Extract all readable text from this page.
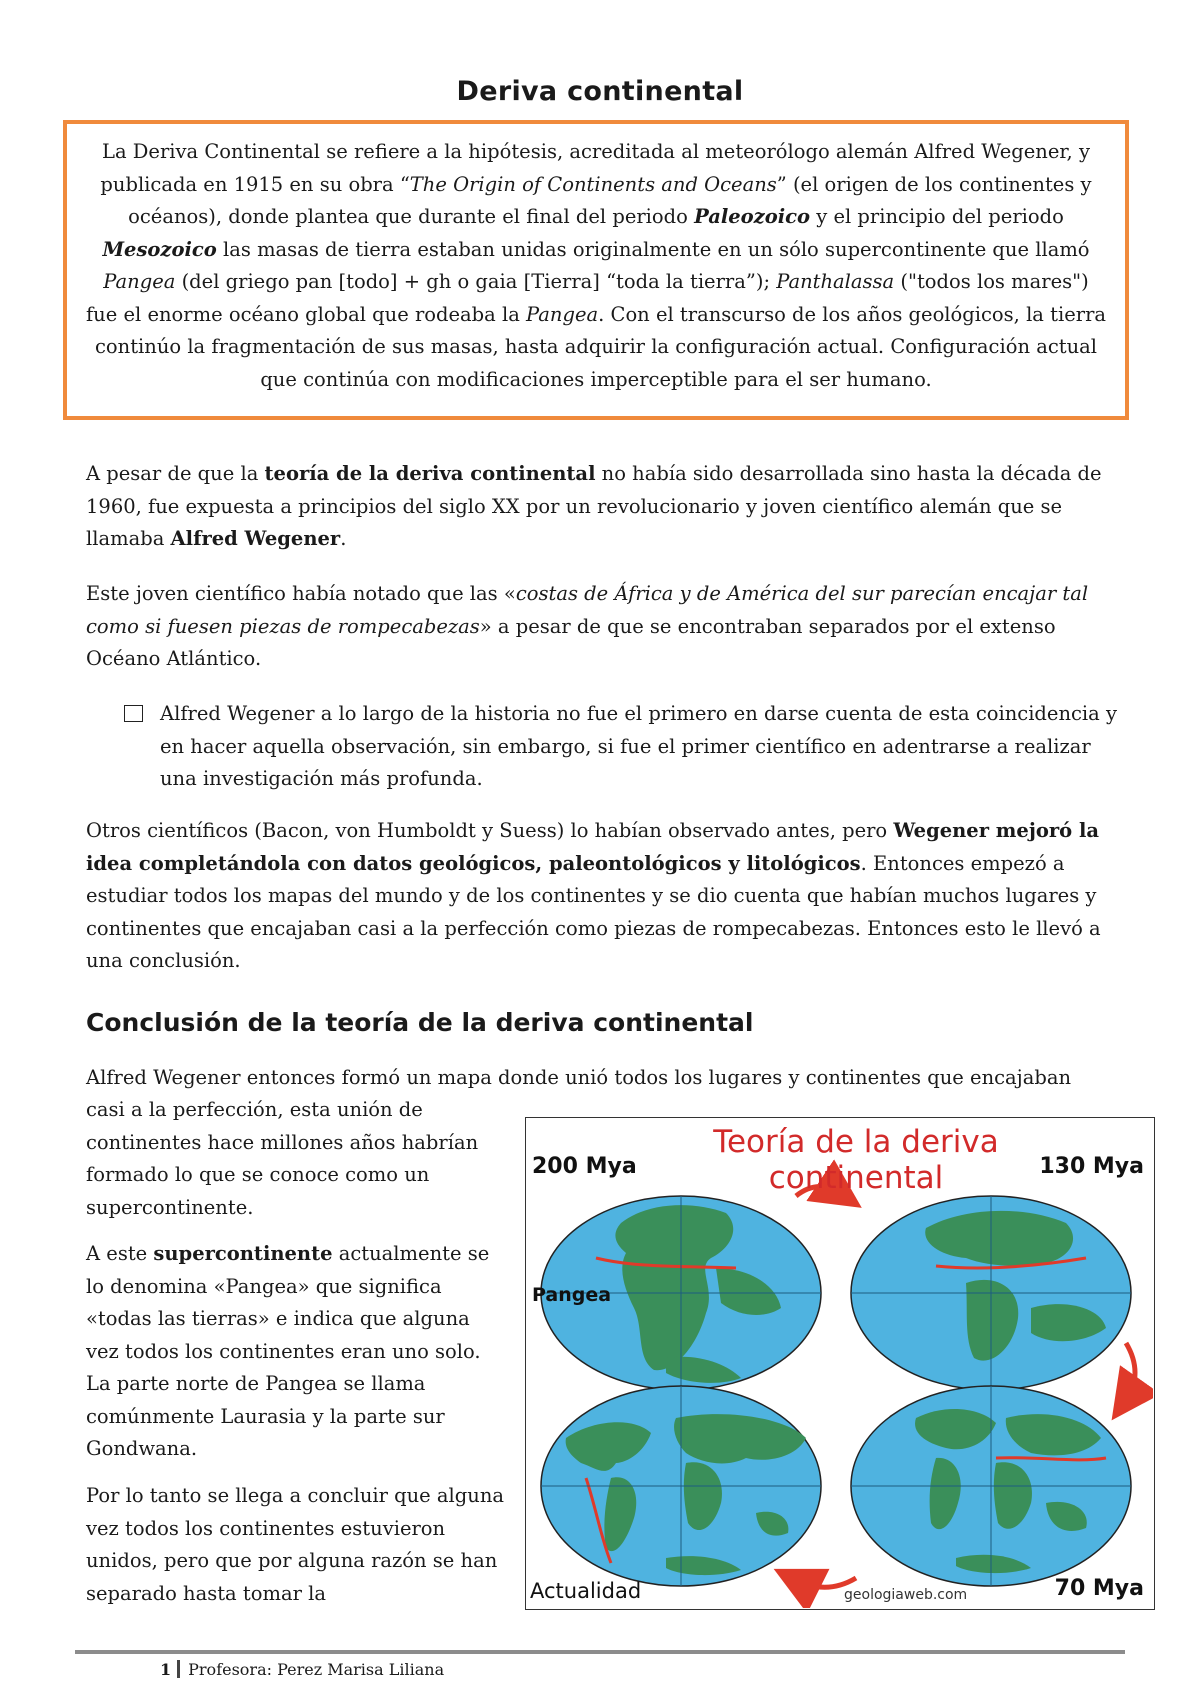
Deriva continental
La Deriva Continental se refiere a la hipótesis, acreditada al meteorólogo alemán Alfred Wegener, y publicada en 1915 en su obra “The Origin of Continents and Oceans” (el origen de los continentes y océanos), donde plantea que durante el final del periodo Paleozoico y el principio del periodo Mesozoico las masas de tierra estaban unidas originalmente en un sólo supercontinente que llamó Pangea (del griego pan [todo] + gh o gaia [Tierra] “toda la tierra”); Panthalassa ("todos los mares") fue el enorme océano global que rodeaba la Pangea. Con el transcurso de los años geológicos, la tierra continúo la fragmentación de sus masas, hasta adquirir la configuración actual. Configuración actual que continúa con modificaciones imperceptible para el ser humano.

A pesar de que la teoría de la deriva continental no había sido desarrollada sino hasta la década de 1960, fue expuesta a principios del siglo XX por un revolucionario y joven científico alemán que se llamaba Alfred Wegener.

Este joven científico había notado que las «costas de África y de América del sur parecían encajar tal como si fuesen piezas de rompecabezas» a pesar de que se encontraban separados por el extenso Océano Atlántico.

Alfred Wegener a lo largo de la historia no fue el primero en darse cuenta de esta coincidencia y en hacer aquella observación, sin embargo, si fue el primer científico en adentrarse a realizar una investigación más profunda.

Otros científicos (Bacon, von Humboldt y Suess) lo habían observado antes, pero Wegener mejoró la idea completándola con datos geológicos, paleontológicos y litológicos. Entonces empezó a estudiar todos los mapas del mundo y de los continentes y se dio cuenta que habían muchos lugares y continentes que encajaban casi a la perfección como piezas de rompecabezas. Entonces esto le llevó a una conclusión.

Conclusión de la teoría de la deriva continental

Alfred Wegener entonces formó un mapa donde unió todos los lugares y continentes que encajaban

casi a la perfección, esta unión de continentes hace millones años habrían formado lo que se conoce como un supercontinente.

A este supercontinente actualmente se lo denomina «Pangea» que significa «todas las tierras» e indica que alguna vez todos los continentes eran uno solo. La parte norte de Pangea se llama comúnmente Laurasia y la parte sur Gondwana.

Por lo tanto se llega a concluir que alguna vez todos los continentes estuvieron unidos, pero que por alguna razón se han separado hasta tomar la

Teoría de la deriva continental
200 Mya	130 Mya
Pangea
70 Mya
Actualidad	geologiaweb.com
1 Profesora: Perez Marisa Liliana
